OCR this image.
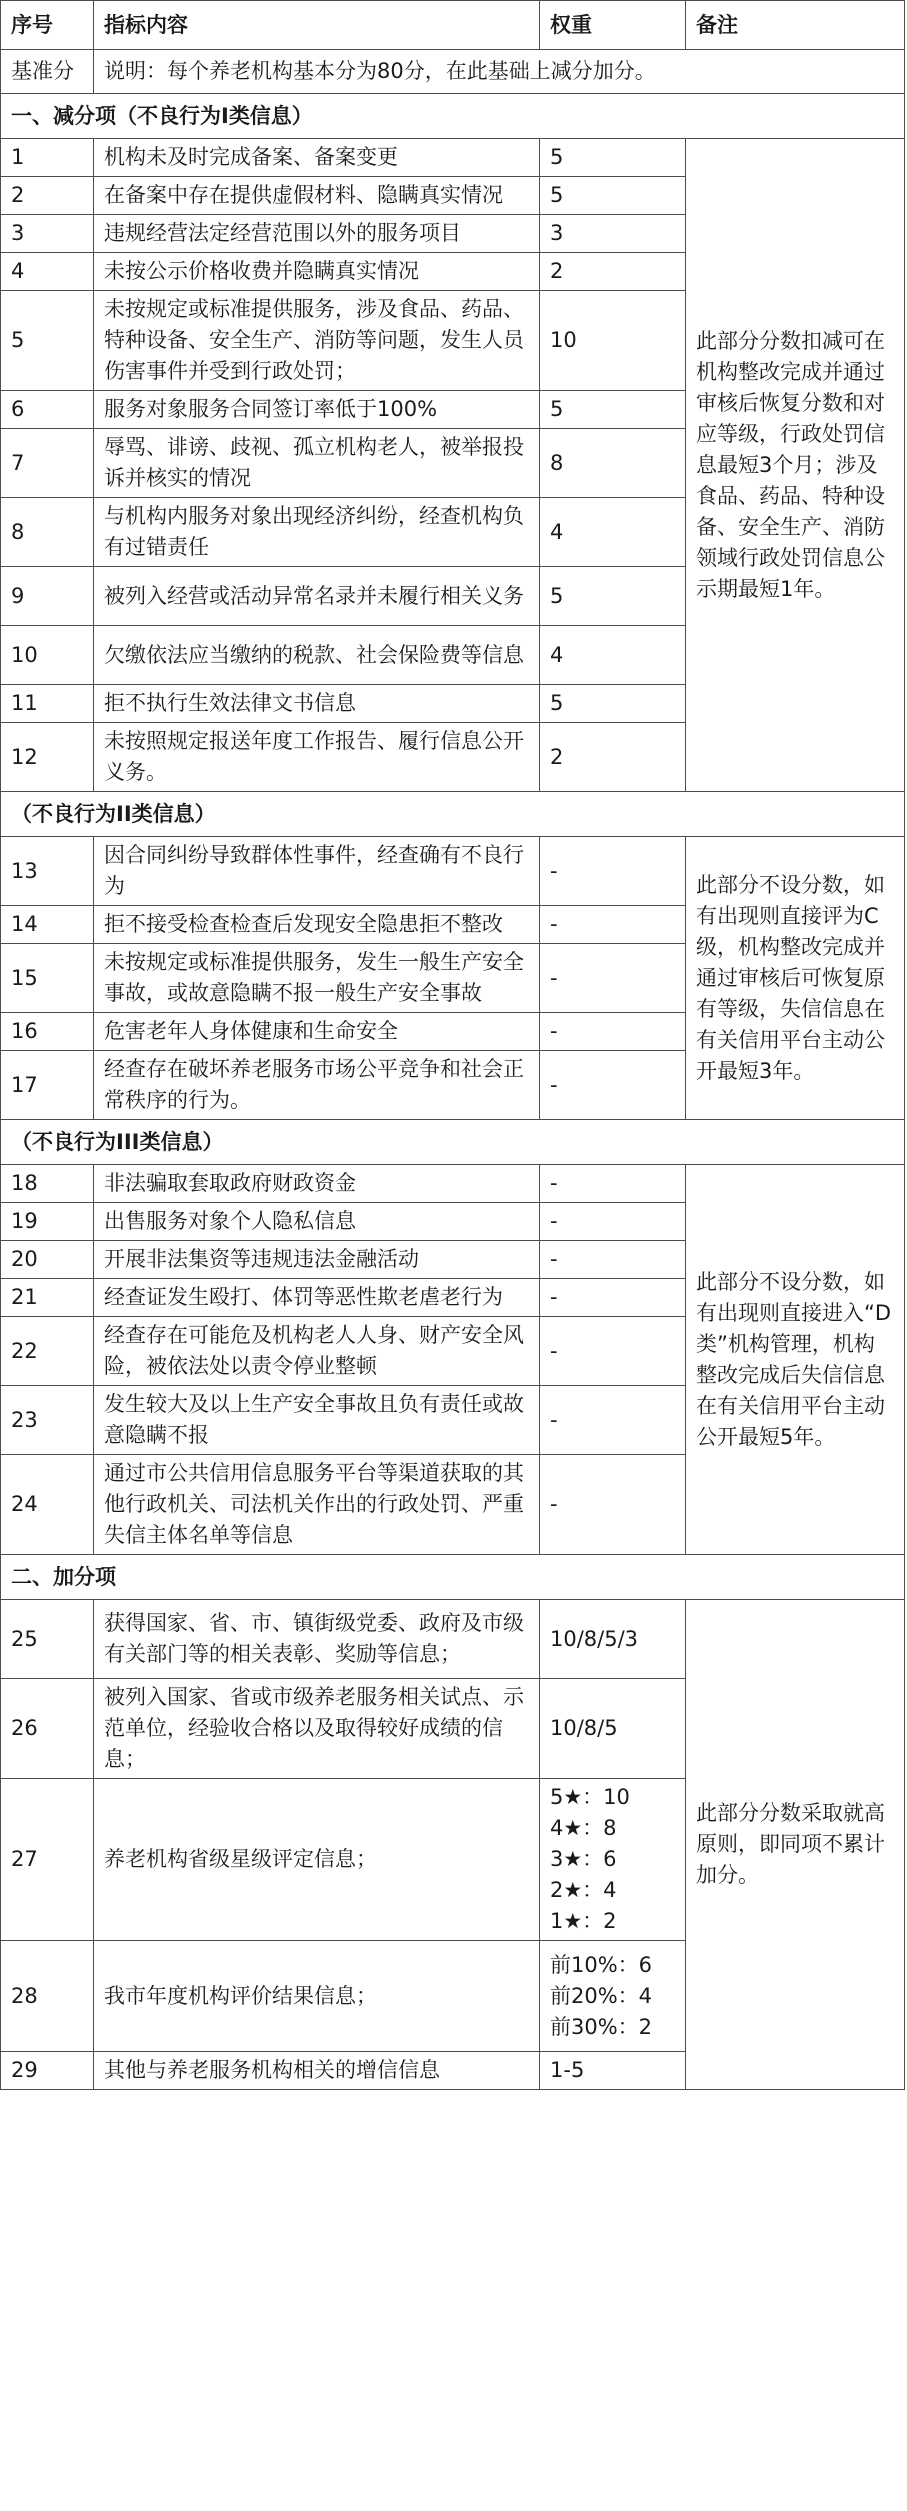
序号	指标内容	权重	备注
基准分	说明：每个养老机构基本分为80分，在此基础上减分加分。		
一、减分项（不良行为I类信息）			
1	机构未及时完成备案、备案变更	5	此部分分数扣减可在机构整改完成并通过审核后恢复分数和对应等级，行政处罚信息最短3个月；涉及食品、药品、特种设备、安全生产、消防领域行政处罚信息公示期最短1年。
2	在备案中存在提供虚假材料、隐瞒真实情况	5	

3	违规经营法定经营范围以外的服务项目	3	

4	未按公示价格收费并隐瞒真实情况	2	

5	未按规定或标准提供服务，涉及食品、药品、特种设备、安全生产、消防等问题，发生人员伤害事件并受到行政处罚；	10	

6	服务对象服务合同签订率低于100%	5	

7	辱骂、诽谤、歧视、孤立机构老人，被举报投诉并核实的情况	8	

8	与机构内服务对象出现经济纠纷，经查机构负有过错责任	4	

9	被列入经营或活动异常名录并未履行相关义务	5	

10	欠缴依法应当缴纳的税款、社会保险费等信息	4	

11	拒不执行生效法律文书信息	5	

12	未按照规定报送年度工作报告、履行信息公开义务。	2	

（不良行为II类信息）			
13	因合同纠纷导致群体性事件，经查确有不良行为	-	此部分不设分数，如有出现则直接评为C级，机构整改完成并通过审核后可恢复原有等级，失信信息在有关信用平台主动公开最短3年。
14	拒不接受检查检查后发现安全隐患拒不整改	-	

15	未按规定或标准提供服务，发生一般生产安全事故，或故意隐瞒不报一般生产安全事故	-	

16	危害老年人身体健康和生命安全	-	

17	经查存在破坏养老服务市场公平竞争和社会正常秩序的行为。	-	

（不良行为III类信息）			
18	非法骗取套取政府财政资金	-	此部分不设分数，如有出现则直接进入“D类”机构管理，机构整改完成后失信信息在有关信用平台主动公开最短5年。
19	出售服务对象个人隐私信息	-	

20	开展非法集资等违规违法金融活动	-	

21	经查证发生殴打、体罚等恶性欺老虐老行为	-	

22	经查存在可能危及机构老人人身、财产安全风险，被依法处以责令停业整顿	-	

23	发生较大及以上生产安全事故且负有责任或故意隐瞒不报	-	

24	通过市公共信用信息服务平台等渠道获取的其他行政机关、司法机关作出的行政处罚、严重失信主体名单等信息	-	

二、加分项			
25	获得国家、省、市、镇街级党委、政府及市级有关部门等的相关表彰、奖励等信息；	10/8/5/3	此部分分数采取就高原则，即同项不累计加分。
26	被列入国家、省或市级养老服务相关试点、示范单位，经验收合格以及取得较好成绩的信息；	10/8/5	

27	养老机构省级星级评定信息；	5★：10
4★：8
3★：6
2★：4
1★：2	

28	我市年度机构评价结果信息；	前10%：6
前20%：4
前30%：2	

29	其他与养老服务机构相关的增信信息	1-5	
